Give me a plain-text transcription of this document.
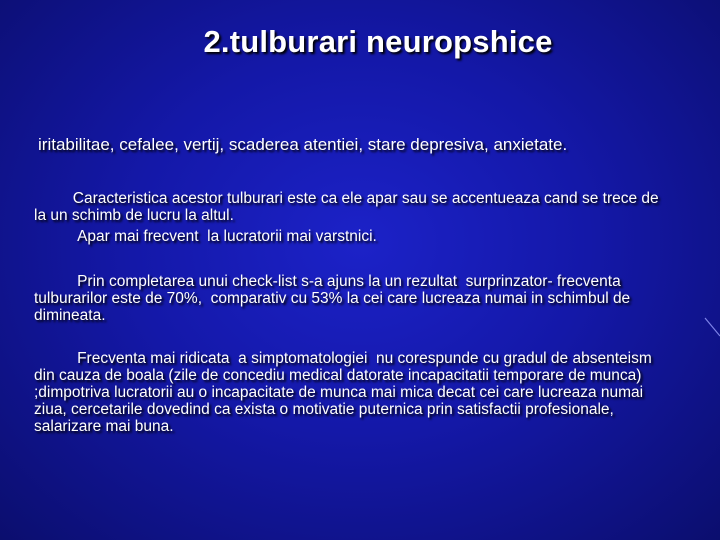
2.tulburari neuropshice
iritabilitae, cefalee, vertij, scaderea atentiei, stare depresiva, anxietate.

Caracteristica acestor tulburari este ca ele apar sau se accentueaza cand se trece de la un schimb de lucru la altul.

Apar mai frecvent  la lucratorii mai varstnici.

Prin completarea unui check-list s-a ajuns la un rezultat  surprinzator- frecventa  tulburarilor este de 70%,  comparativ cu 53% la cei care lucreaza numai in schimbul de dimineata.

Frecventa mai ridicata  a simptomatologiei  nu corespunde cu gradul de absenteism din cauza de boala (zile de concediu medical datorate incapacitatii temporare de munca) ;dimpotriva lucratorii au o incapacitate de munca mai mica decat cei care lucreaza numai ziua, cercetarile dovedind ca exista o motivatie puternica prin satisfactii profesionale, salarizare mai buna.
